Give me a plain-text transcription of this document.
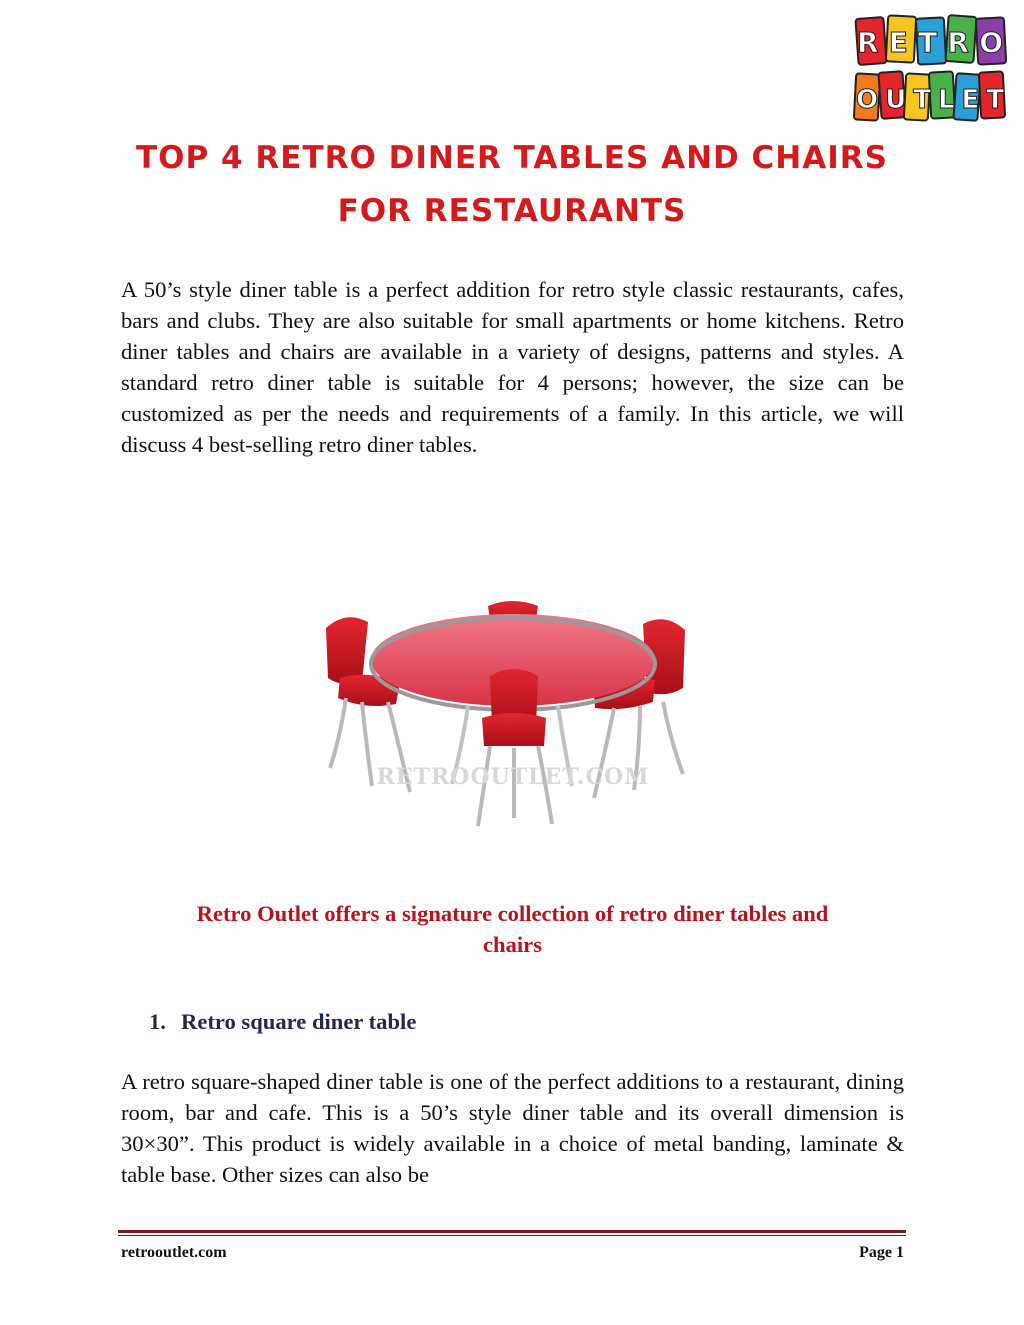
RETRO
OUTLET
TOP 4 RETRO DINER TABLES AND CHAIRS
FOR RESTAURANTS

A 50’s style diner table is a perfect addition for retro style classic restaurants, cafes, bars and clubs. They are also suitable for small apartments or home kitchens. Retro diner tables and chairs are available in a variety of designs, patterns and styles. A standard retro diner table is suitable for 4 persons; however, the size can be customized as per the needs and requirements of a family. In this article, we will discuss 4 best-selling retro diner tables.

RETROOUTLET.COM

Retro Outlet offers a signature collection of retro diner tables and
chairs

1. Retro square diner table

A retro square-shaped diner table is one of the perfect additions to a restaurant, dining room, bar and cafe. This is a 50’s style diner table and its overall dimension is 30×30”. This product is widely available in a choice of metal banding, laminate & table base. Other sizes can also be

retrooutlet.com	Page 1
